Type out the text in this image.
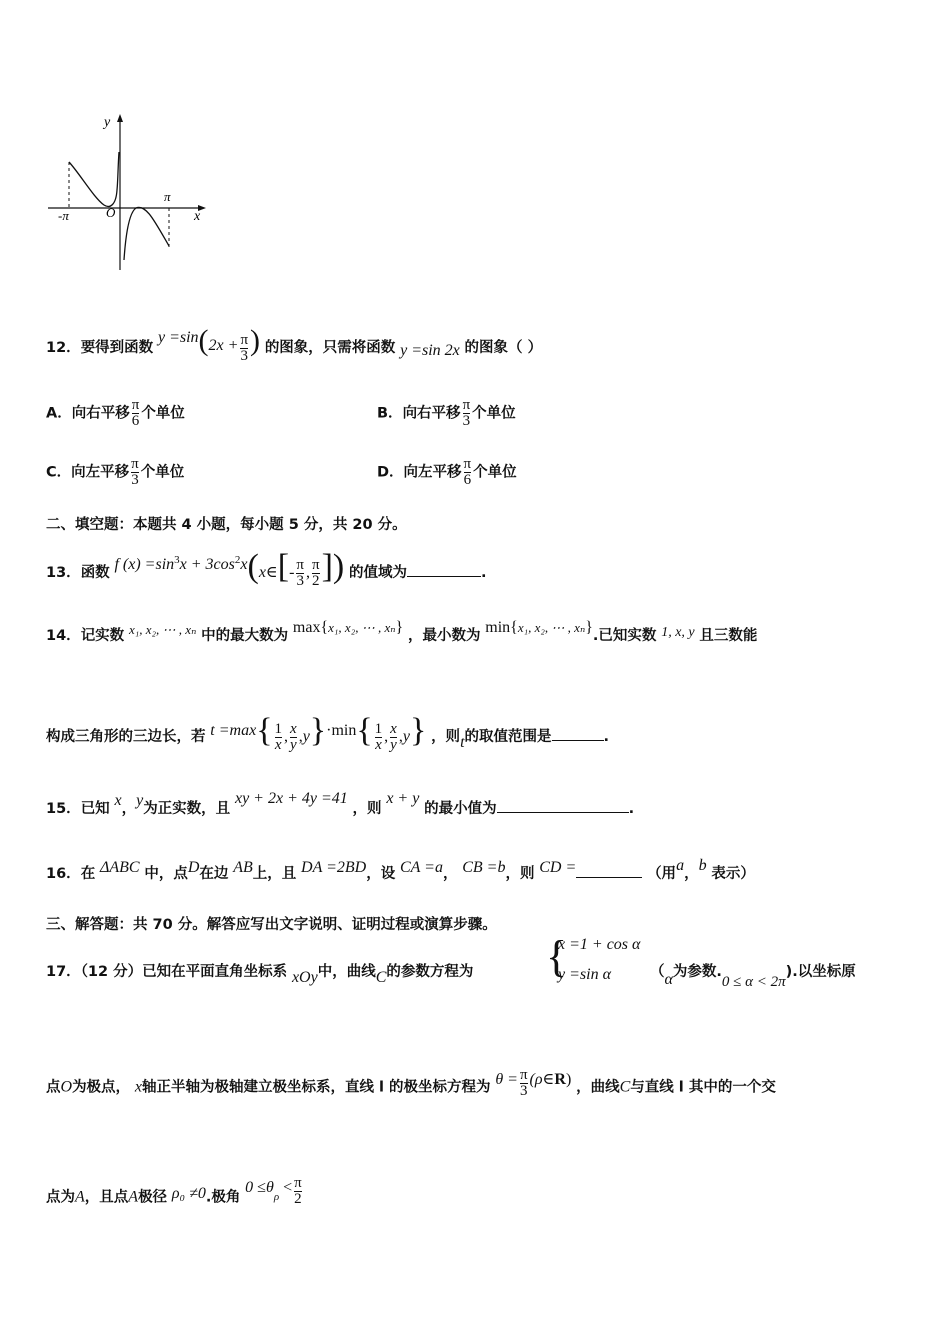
y
x
O
-π
π
12．要得到函数 $y =\sin(2x + \frac{\pi}{3}$ ) 的图象，只需将函数 y =sin 2x 的图象（ ）
A．向右平移 $\frac{\pi}{6}$ 个单位	B．向右平移 $\frac{\pi}{3}$ 个单位
C．向左平移 $\frac{\pi}{3}$ 个单位	D．向左平移 $\frac{\pi}{6}$ 个单位
二、填空题：本题共 4 小题，每小题 5 分，共 20 分。
13．函数 f $(x) =\sin^3x$ + $3\cos^2x(x\in[- \frac{\pi}{3}$ , $\frac{\pi}{2}$ ]) 的值域为	.
14．记实数 x₁, x₂, ⋯ , xₙ 中的最大数为 max{x₁, x₂, ⋯ , xₙ} ，最小数为 min{x₁, x₂, ⋯ , xₙ}.已知实数 1, x, y 且三数能
构成三角形的三边长，若 $t =\max\{ \frac{1}{x}$ , $\frac{x}{y} ,y\}\cdot\min\{ \frac{1}{x}$ , $\frac{x}{y} ,y$} ，则t的取值范围是	.
15．已知 x，y为正实数，且 xy + 2x + 4y =41 ，则 x + y 的最小值为	.
16．在 ΔABC 中，点D在边 AB上，且 DA =2BD，设 CA =a， CB =b，则 CD =	（用a，b 表示）
三、解答题：共 70 分。解答应写出文字说明、证明过程或演算步骤。
17．（12 分）已知在平面直角坐标系 xOy中，曲线C的参数方程为 {
x =1 + cos α
y =sin α	（α为参数.0 ≤ α < 2π).以坐标原
点O为极点， x轴正半轴为极轴建立极坐标系，直线 l 的极坐标方程为 $\theta = \frac{\pi}{3}$ (ρ∈R) ，曲线C与直线 l 其中的一个交
点为A，且点A极径 ρ₀ ≠0.极角 $0 \le\theta_\rho < \frac{\pi}{2}$
